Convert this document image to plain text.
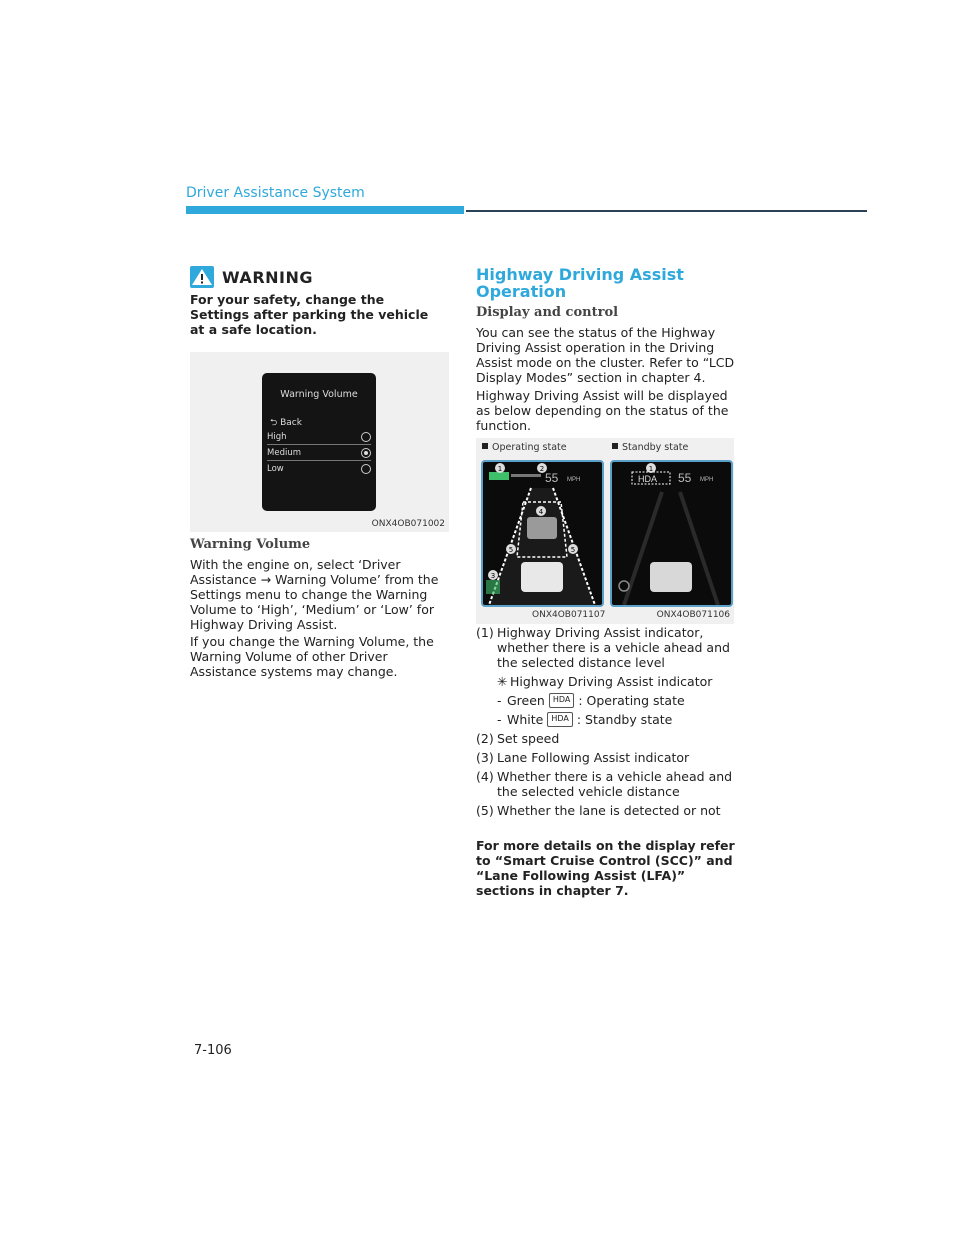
Driver Assistance System
WARNING
For your safety, change the Settings after parking the vehicle at a safe location.
Warning Volume
⮌ Back
High
Medium
Low
ONX4OB071002
Warning Volume
With the engine on, select ‘Driver Assistance → Warning Volume’ from the Settings menu to change the Warning Volume to ‘High’, ‘Medium’ or ‘Low’ for Highway Driving Assist.
If you change the Warning Volume, the Warning Volume of other Driver Assistance systems may change.
Highway Driving Assist Operation
Display and control
You can see the status of the Highway Driving Assist operation in the Driving Assist mode on the cluster. Refer to “LCD Display Modes” section in chapter 4.
Highway Driving Assist will be displayed as below depending on the status of the function.
Operating state	Standby state
55 MPH
1	2
3
4
5	5
HDA 55 MPH
1
ONX4OB071107	ONX4OB071106
(1) Highway Driving Assist indicator, whether there is a vehicle ahead and the selected distance level
✳ Highway Driving Assist indicator
- Green
HDA
: Operating state
- White
HDA
: Standby state
(2) Set speed
(3) Lane Following Assist indicator
(4) Whether there is a vehicle ahead and the selected vehicle distance
(5) Whether the lane is detected or not
For more details on the display refer to “Smart Cruise Control (SCC)” and “Lane Following Assist (LFA)” sections in chapter 7.
7-106
